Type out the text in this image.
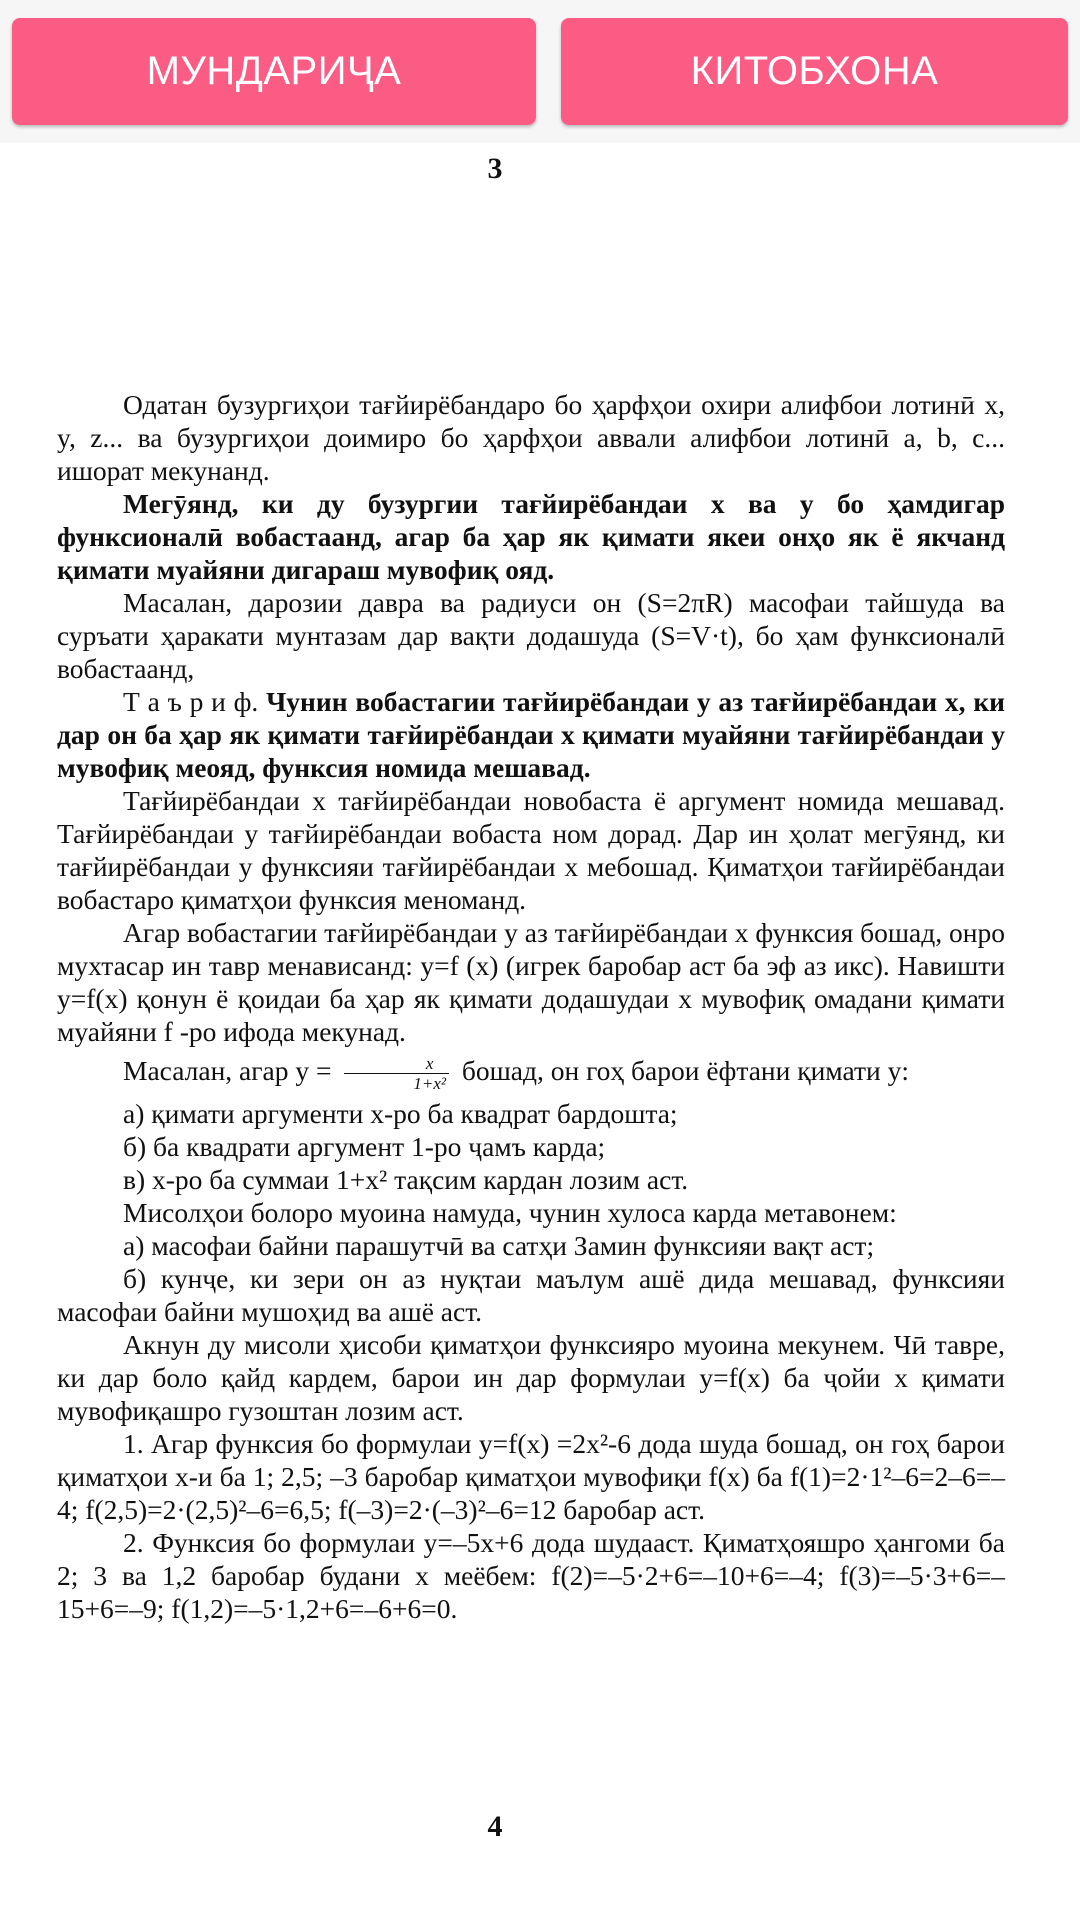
МУНДАРИҶА	КИТОБХОНА
3

Одатан бузургиҳои тағйирёбандаро бо ҳарфҳои охири алифбои лотинӣ x, y, z... ва бузургиҳои доимиро бо ҳарфҳои аввали алифбои лотинӣ a, b, c... ишорат мекунанд.

Мегӯянд, ки ду бузургии тағйирёбандаи x ва y бо ҳамдигар функсионалӣ вобастаанд, агар ба ҳар як қимати якеи онҳо як ё якчанд қимати муайяни дигараш мувофиқ ояд.

Масалан, дарозии давра ва радиуси он (S=2πR) масофаи тайшуда ва суръати ҳаракати мунтазам дар вақти додашуда (S=V·t), бо ҳам функсионалӣ вобастаанд,

Т а ъ р и ф. Чунин вобастагии тағйирёбандаи y аз тағйирёбандаи x, ки дар он ба ҳар як қимати тағйирёбандаи x қимати муайяни тағйирёбандаи y мувофиқ меояд, функсия номида мешавад.

Тағйирёбандаи x тағйирёбандаи новобаста ё аргумент номида мешавад. Тағйирёбандаи y тағйирёбандаи вобаста ном дорад. Дар ин ҳолат мегӯянд, ки тағйирёбандаи y функсияи тағйирёбандаи x мебошад. Қиматҳои тағйирёбандаи вобастаро қиматҳои функсия меноманд.

Агар вобастагии тағйирёбандаи y аз тағйирёбандаи x функсия бошад, онро мухтасар ин тавр менависанд: y=f (x) (игрек баробар аст ба эф аз икс). Навишти y=f(x) қонун ё қоидаи ба ҳар як қимати додашудаи x мувофиқ омадани қимати муайяни f -ро ифода мекунад.

Масалан, агар $y = \frac{x}{\text{1+x²}}$ бошад, он гоҳ барои ёфтани қимати y:

а) қимати аргументи x-ро ба квадрат бардошта;

б) ба квадрати аргумент 1-ро ҷамъ карда;

в) x-ро ба суммаи 1+x² тақсим кардан лозим аст.

Мисолҳои болоро муоина намуда, чунин хулоса карда метавонем:

а) масофаи байни парашутчӣ ва сатҳи Замин функсияи вақт аст;

б) кунҷе, ки зери он аз нуқтаи маълум ашё дида мешавад, функсияи масофаи байни мушоҳид ва ашё аст.

Акнун ду мисоли ҳисоби қиматҳои функсияро муоина мекунем. Чӣ тавре, ки дар боло қайд кардем, барои ин дар формулаи y=f(x) ба ҷойи x қимати мувофиқашро гузоштан лозим аст.

1. Агар функсия бо формулаи y=f(x) =2x²-6 дода шуда бошад, он гоҳ барои қиматҳои x-и ба 1; 2,5; –3 баробар қиматҳои мувофиқи f(x) ба f(1)=2·1²–6=2–6=–4; f(2,5)=2·(2,5)²–6=6,5; f(–3)=2·(–3)²–6=12 баробар аст.

2. Функсия бо формулаи y=–5x+6 дода шудааст. Қиматҳояшро ҳангоми ба 2; 3 ва 1,2 баробар будани x меёбем: f(2)=–5·2+6=–10+6=–4; f(3)=–5·3+6=–15+6=–9; f(1,2)=–5·1,2+6=–6+6=0.

4
